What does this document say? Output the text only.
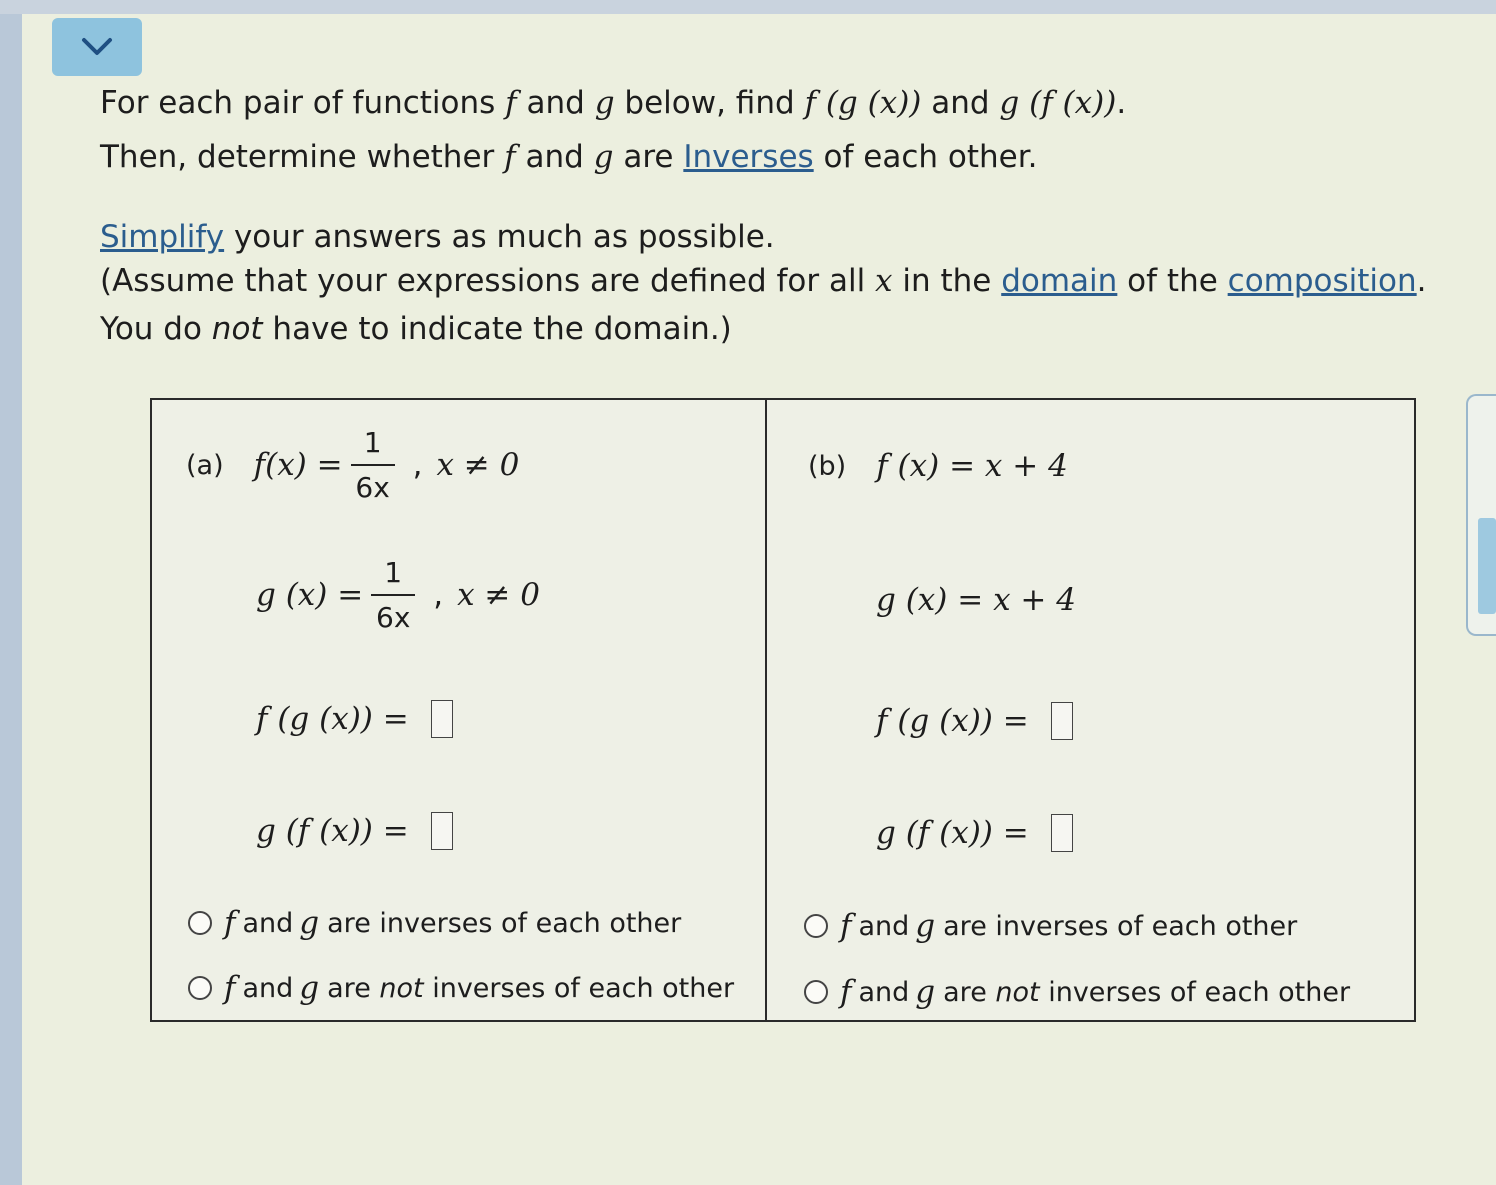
For each pair of functions f and g below, find f (g (x)) and g (f (x)).
Then, determine whether f and g are Inverses of each other.
Simplify your answers as much as possible.
(Assume that your expressions are defined for all x in the domain of the composition.
You do not have to indicate the domain.)
(a) $f(x) = \frac{1}{6x}$ , x ≠ 0
g $(x) = \frac{1}{6x}$ , x ≠ 0
f (g (x)) =
g (f (x)) =
f and g are inverses of each other
f and g are
not
inverses of each other
(b) f (x) =
x + 4
g (x) =
x + 4
f (g (x)) =
g (f (x)) =
f and g are inverses of each other
f and g are
not
inverses of each other
